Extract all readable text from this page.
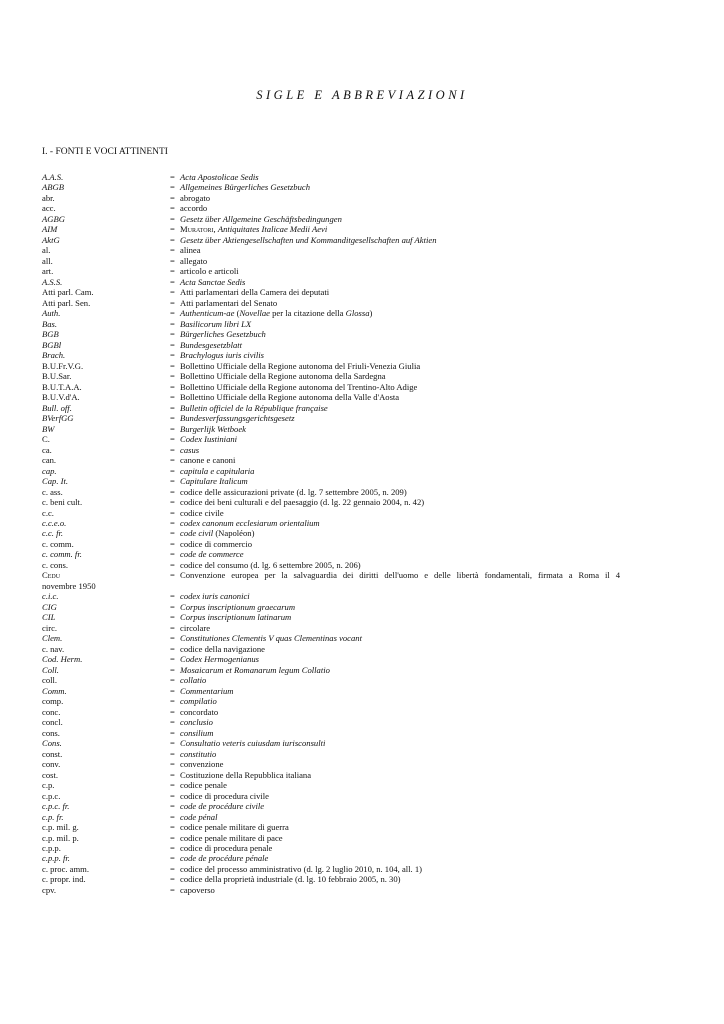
SIGLE E ABBREVIAZIONI
I. - FONTI E VOCI ATTINENTI
A.A.S.	= Acta Apostolicae Sedis
ABGB	= Allgemeines Bürgerliches Gesetzbuch
abr.	= abrogato
acc.	= accordo
AGBG	= Gesetz über Allgemeine Geschäftsbedingungen
AIM	= Muratori, Antiquitates Italicae Medii Aevi
AktG	= Gesetz über Aktiengesellschaften und Kommanditgesellschaften auf Aktien
al.	= alinea
all.	= allegato
art.	= articolo e articoli
A.S.S.	= Acta Sanctae Sedis
Atti parl. Cam.	= Atti parlamentari della Camera dei deputati
Atti parl. Sen.	= Atti parlamentari del Senato
Auth.	= Authenticum-ae (Novellae per la citazione della Glossa)
Bas.	= Basilicorum libri LX
BGB	= Bürgerliches Gesetzbuch
BGBl	= Bundesgesetzblatt
Brach.	= Brachylogus iuris civilis
B.U.Fr.V.G.	= Bollettino Ufficiale della Regione autonoma del Friuli-Venezia Giulia
B.U.Sar.	= Bollettino Ufficiale della Regione autonoma della Sardegna
B.U.T.A.A.	= Bollettino Ufficiale della Regione autonoma del Trentino-Alto Adige
B.U.V.d'A.	= Bollettino Ufficiale della Regione autonoma della Valle d'Aosta
Bull. off.	= Bulletin officiel de la République française
BVerfGG	= Bundesverfassungsgerichtsgesetz
BW	= Burgerlijk Wetboek
C.	= Codex Iustiniani
ca.	= casus
can.	= canone e canoni
cap.	= capitula e capitularia
Cap. It.	= Capitulare Italicum
c. ass.	= codice delle assicurazioni private (d. lg. 7 settembre 2005, n. 209)
c. beni cult.	= codice dei beni culturali e del paesaggio (d. lg. 22 gennaio 2004, n. 42)
c.c.	= codice civile
c.c.e.o.	= codex canonum ecclesiarum orientalium
c.c. fr.	= code civil (Napoléon)
c. comm.	= codice di commercio
c. comm. fr.	= code de commerce
c. cons.	= codice del consumo (d. lg. 6 settembre 2005, n. 206)
Cedu	= Convenzione europea per la salvaguardia dei diritti dell'uomo e delle libertà fondamentali, firmata a Roma il 4
novembre 1950
c.i.c.	= codex iuris canonici
CIG	= Corpus inscriptionum graecarum
CIL	= Corpus inscriptionum latinarum
circ.	= circolare
Clem.	= Constitutiones Clementis V quas Clementinas vocant
c. nav.	= codice della navigazione
Cod. Herm.	= Codex Hermogenianus
Coll.	= Mosaicarum et Romanarum legum Collatio
coll.	= collatio
Comm.	= Commentarium
comp.	= compilatio
conc.	= concordato
concl.	= conclusio
cons.	= consilium
Cons.	= Consultatio veteris cuiusdam iurisconsulti
const.	= constitutio
conv.	= convenzione
cost.	= Costituzione della Repubblica italiana
c.p.	= codice penale
c.p.c.	= codice di procedura civile
c.p.c. fr.	= code de procédure civile
c.p. fr.	= code pénal
c.p. mil. g.	= codice penale militare di guerra
c.p. mil. p.	= codice penale militare di pace
c.p.p.	= codice di procedura penale
c.p.p. fr.	= code de procédure pénale
c. proc. amm.	= codice del processo amministrativo (d. lg. 2 luglio 2010, n. 104, all. 1)
c. propr. ind.	= codice della proprietà industriale (d. lg. 10 febbraio 2005, n. 30)
cpv.	= capoverso
